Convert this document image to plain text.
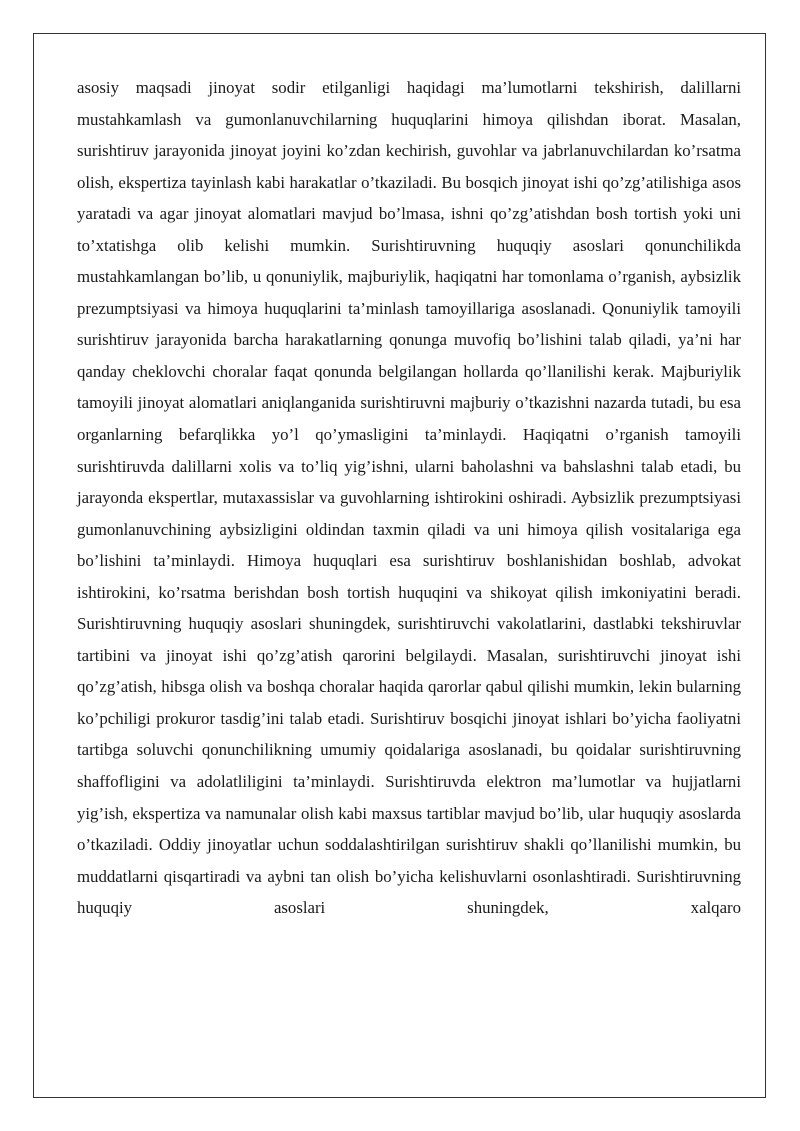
asosiy maqsadi jinoyat sodir etilganligi haqidagi ma’lumotlarni tekshirish, dalillarni mustahkamlash va gumonlanuvchilarning huquqlarini himoya qilishdan iborat. Masalan, surishtiruv jarayonida jinoyat joyini ko’zdan kechirish, guvohlar va jabrlanuvchilardan ko’rsatma olish, ekspertiza tayinlash kabi harakatlar o’tkaziladi. Bu bosqich jinoyat ishi qo’zg’atilishiga asos yaratadi va agar jinoyat alomatlari mavjud bo’lmasa, ishni qo’zg’atishdan bosh tortish yoki uni to’xtatishga olib kelishi mumkin. Surishtiruvning huquqiy asoslari qonunchilikda mustahkamlangan bo’lib, u qonuniylik, majburiylik, haqiqatni har tomonlama o’rganish, aybsizlik prezumptsiyasi va himoya huquqlarini ta’minlash tamoyillariga asoslanadi. Qonuniylik tamoyili surishtiruv jarayonida barcha harakatlarning qonunga muvofiq bo’lishini talab qiladi, ya’ni har qanday cheklovchi choralar faqat qonunda belgilangan hollarda qo’llanilishi kerak. Majburiylik tamoyili jinoyat alomatlari aniqlanganida surishtiruvni majburiy o’tkazishni nazarda tutadi, bu esa organlarning befarqlikka yo’l qo’ymasligini ta’minlaydi. Haqiqatni o’rganish tamoyili surishtiruvda dalillarni xolis va to’liq yig’ishni, ularni baholashni va bahslashni talab etadi, bu jarayonda ekspertlar, mutaxassislar va guvohlarning ishtirokini oshiradi. Aybsizlik prezumptsiyasi gumonlanuvchining aybsizligini oldindan taxmin qiladi va uni himoya qilish vositalariga ega bo’lishini ta’minlaydi. Himoya huquqlari esa surishtiruv boshlanishidan boshlab, advokat ishtirokini, ko’rsatma berishdan bosh tortish huquqini va shikoyat qilish imkoniyatini beradi. Surishtiruvning huquqiy asoslari shuningdek, surishtiruvchi vakolatlarini, dastlabki tekshiruvlar tartibini va jinoyat ishi qo’zg’atish qarorini belgilaydi. Masalan, surishtiruvchi jinoyat ishi qo’zg’atish, hibsga olish va boshqa choralar haqida qarorlar qabul qilishi mumkin, lekin bularning ko’pchiligi prokuror tasdig’ini talab etadi. Surishtiruv bosqichi jinoyat ishlari bo’yicha faoliyatni tartibga soluvchi qonunchilikning umumiy qoidalariga asoslanadi, bu qoidalar surishtiruvning shaffofligini va adolatliligini ta’minlaydi. Surishtiruvda elektron ma’lumotlar va hujjatlarni yig’ish, ekspertiza va namunalar olish kabi maxsus tartiblar mavjud bo’lib, ular huquqiy asoslarda o’tkaziladi. Oddiy jinoyatlar uchun soddalashtirilgan surishtiruv shakli qo’llanilishi mumkin, bu muddatlarni qisqartiradi va aybni tan olish bo’yicha kelishuvlarni osonlashtiradi. Surishtiruvning huquqiy asoslari shuningdek, xalqaro
